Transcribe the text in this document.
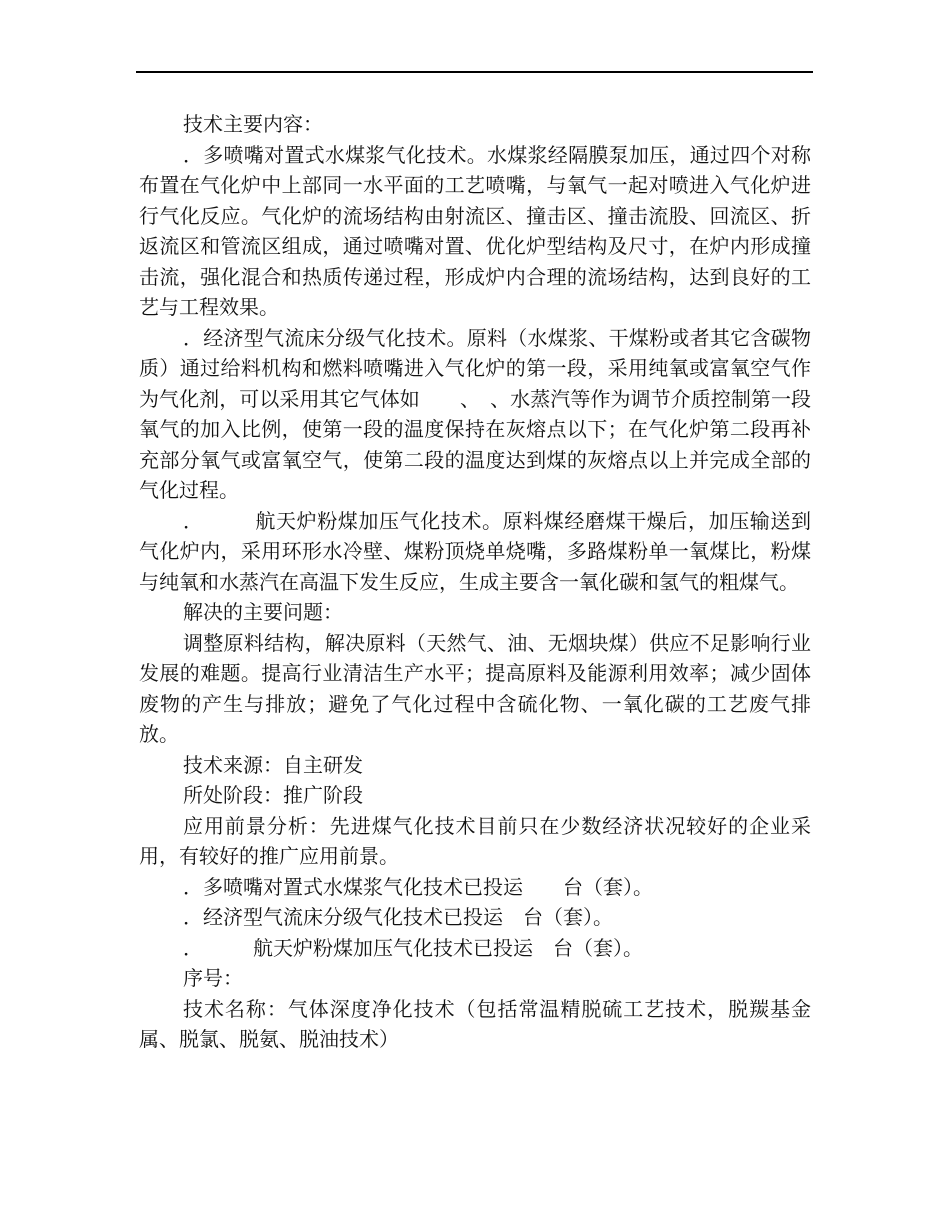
技术主要内容：

．多喷嘴对置式水煤浆气化技术。水煤浆经隔膜泵加压，通过四个对称布置在气化炉中上部同一水平面的工艺喷嘴，与氧气一起对喷进入气化炉进行气化反应。气化炉的流场结构由射流区、撞击区、撞击流股、回流区、折返流区和管流区组成，通过喷嘴对置、优化炉型结构及尺寸，在炉内形成撞击流，强化混合和热质传递过程，形成炉内合理的流场结构，达到良好的工艺与工程效果。

．经济型气流床分级气化技术。原料（水煤浆、干煤粉或者其它含碳物质）通过给料机构和燃料喷嘴进入气化炉的第一段，采用纯氧或富氧空气作为气化剂，可以采用其它气体如　　、　、水蒸汽等作为调节介质控制第一段氧气的加入比例，使第一段的温度保持在灰熔点以下；在气化炉第二段再补充部分氧气或富氧空气，使第二段的温度达到煤的灰熔点以上并完成全部的气化过程。

．　　　航天炉粉煤加压气化技术。原料煤经磨煤干燥后，加压输送到气化炉内，采用环形水冷壁、煤粉顶烧单烧嘴，多路煤粉单一氧煤比，粉煤与纯氧和水蒸汽在高温下发生反应，生成主要含一氧化碳和氢气的粗煤气。

解决的主要问题：

调整原料结构，解决原料（天然气、油、无烟块煤）供应不足影响行业发展的难题。提高行业清洁生产水平；提高原料及能源利用效率；减少固体废物的产生与排放；避免了气化过程中含硫化物、一氧化碳的工艺废气排放。

技术来源：自主研发

所处阶段：推广阶段

应用前景分析：先进煤气化技术目前只在少数经济状况较好的企业采用，有较好的推广应用前景。

．多喷嘴对置式水煤浆气化技术已投运　　台（套）。

．经济型气流床分级气化技术已投运　台（套）。

．　　　航天炉粉煤加压气化技术已投运　台（套）。

序号：

技术名称：气体深度净化技术（包括常温精脱硫工艺技术，脱羰基金属、脱氯、脱氨、脱油技术）
